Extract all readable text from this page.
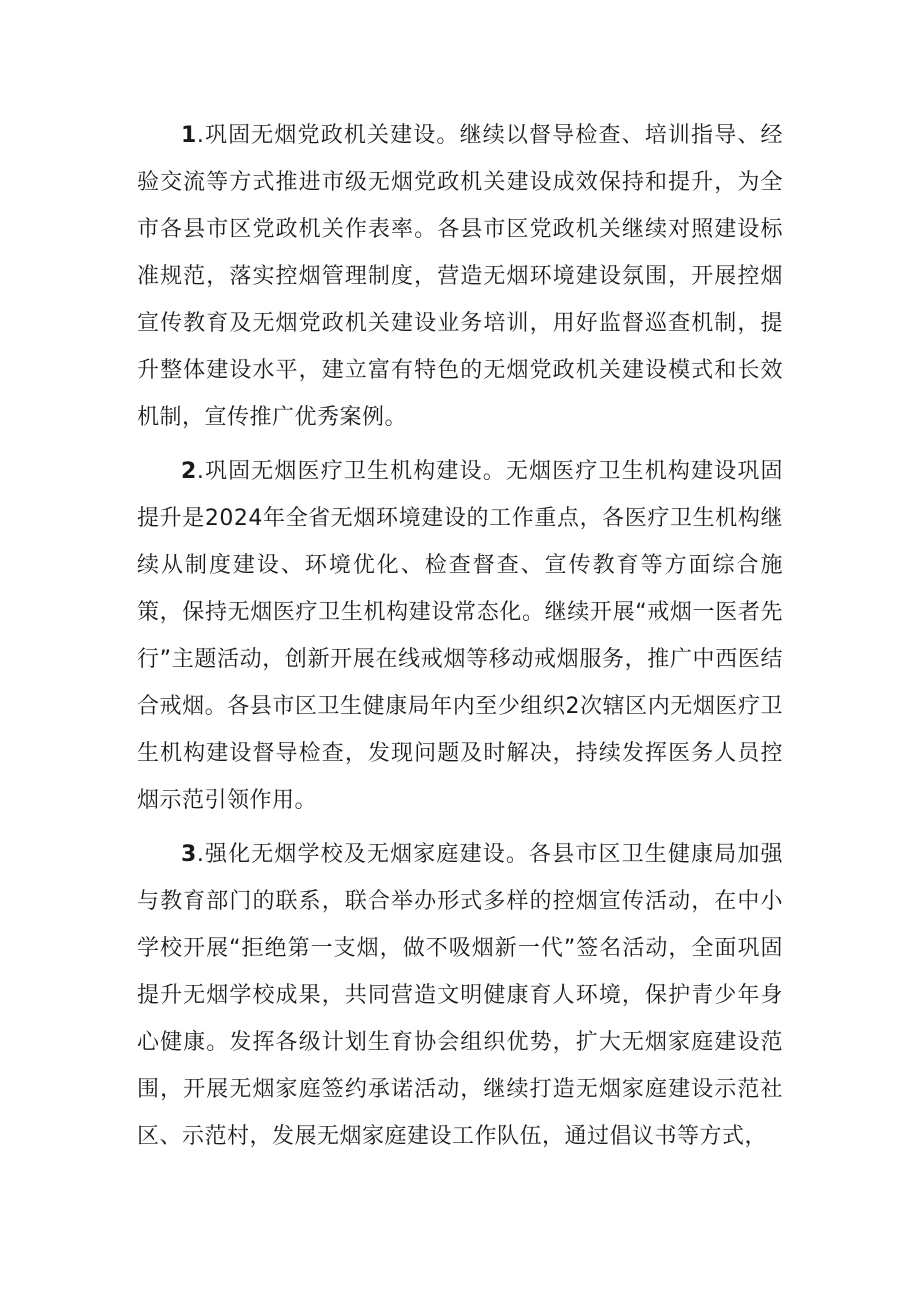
1.巩固无烟党政机关建设。继续以督导检查、培训指导、经验交流等方式推进市级无烟党政机关建设成效保持和提升，为全市各县市区党政机关作表率。各县市区党政机关继续对照建设标准规范，落实控烟管理制度，营造无烟环境建设氛围，开展控烟宣传教育及无烟党政机关建设业务培训，用好监督巡查机制，提升整体建设水平，建立富有特色的无烟党政机关建设模式和长效机制，宣传推广优秀案例。

2.巩固无烟医疗卫生机构建设。无烟医疗卫生机构建设巩固提升是2024年全省无烟环境建设的工作重点，各医疗卫生机构继续从制度建设、环境优化、检查督查、宣传教育等方面综合施策，保持无烟医疗卫生机构建设常态化。继续开展“戒烟一医者先行”主题活动，创新开展在线戒烟等移动戒烟服务，推广中西医结合戒烟。各县市区卫生健康局年内至少组织2次辖区内无烟医疗卫生机构建设督导检查，发现问题及时解决，持续发挥医务人员控烟示范引领作用。

3.强化无烟学校及无烟家庭建设。各县市区卫生健康局加强与教育部门的联系，联合举办形式多样的控烟宣传活动，在中小学校开展“拒绝第一支烟，做不吸烟新一代”签名活动，全面巩固提升无烟学校成果，共同营造文明健康育人环境，保护青少年身心健康。发挥各级计划生育协会组织优势，扩大无烟家庭建设范围，开展无烟家庭签约承诺活动，继续打造无烟家庭建设示范社区、示范村，发展无烟家庭建设工作队伍，通过倡议书等方式，
